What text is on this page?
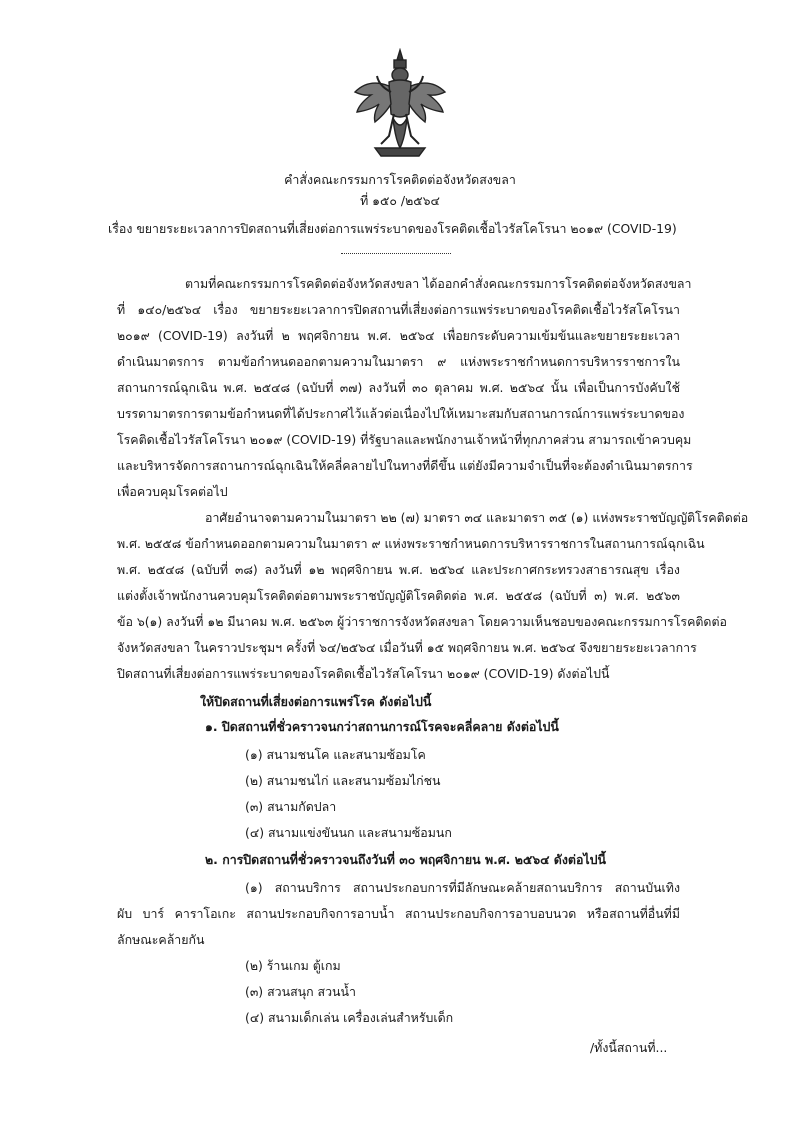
คำสั่งคณะกรรมการโรคติดต่อจังหวัดสงขลา
ที่ ๑๕๐ /๒๕๖๔
เรื่อง ขยายระยะเวลาการปิดสถานที่เสี่ยงต่อการแพร่ระบาดของโรคติดเชื้อไวรัสโคโรนา ๒๐๑๙ (COVID-19)
ตามที่คณะกรรมการโรคติดต่อจังหวัดสงขลา ได้ออกคำสั่งคณะกรรมการโรคติดต่อจังหวัดสงขลา
ที่ ๑๔๐/๒๕๖๔ เรื่อง ขยายระยะเวลาการปิดสถานที่เสี่ยงต่อการแพร่ระบาดของโรคติดเชื้อไวรัสโคโรนา
๒๐๑๙ (COVID-19) ลงวันที่ ๒ พฤศจิกายน พ.ศ. ๒๕๖๔ เพื่อยกระดับความเข้มข้นและขยายระยะเวลา
ดำเนินมาตรการ ตามข้อกำหนดออกตามความในมาตรา ๙ แห่งพระราชกำหนดการบริหารราชการใน
สถานการณ์ฉุกเฉิน พ.ศ. ๒๕๔๘ (ฉบับที่ ๓๗) ลงวันที่ ๓๐ ตุลาคม พ.ศ. ๒๕๖๔ นั้น เพื่อเป็นการบังคับใช้
บรรดามาตรการตามข้อกำหนดที่ได้ประกาศไว้แล้วต่อเนื่องไปให้เหมาะสมกับสถานการณ์การแพร่ระบาดของ
โรคติดเชื้อไวรัสโคโรนา ๒๐๑๙ (COVID-19) ที่รัฐบาลและพนักงานเจ้าหน้าที่ทุกภาคส่วน สามารถเข้าควบคุม
และบริหารจัดการสถานการณ์ฉุกเฉินให้คลี่คลายไปในทางที่ดีขึ้น แต่ยังมีความจำเป็นที่จะต้องดำเนินมาตรการ
เพื่อควบคุมโรคต่อไป
อาศัยอำนาจตามความในมาตรา ๒๒ (๗) มาตรา ๓๔ และมาตรา ๓๕ (๑) แห่งพระราชบัญญัติโรคติดต่อ
พ.ศ. ๒๕๕๘ ข้อกำหนดออกตามความในมาตรา ๙ แห่งพระราชกำหนดการบริหารราชการในสถานการณ์ฉุกเฉิน
พ.ศ. ๒๕๔๘ (ฉบับที่ ๓๘) ลงวันที่ ๑๒ พฤศจิกายน พ.ศ. ๒๕๖๔ และประกาศกระทรวงสาธารณสุข เรื่อง
แต่งตั้งเจ้าพนักงานควบคุมโรคติดต่อตามพระราชบัญญัติโรคติดต่อ พ.ศ. ๒๕๕๘ (ฉบับที่ ๓) พ.ศ. ๒๕๖๓
ข้อ ๖(๑) ลงวันที่ ๑๒ มีนาคม พ.ศ. ๒๕๖๓ ผู้ว่าราชการจังหวัดสงขลา โดยความเห็นชอบของคณะกรรมการโรคติดต่อ
จังหวัดสงขลา ในคราวประชุมฯ ครั้งที่ ๖๔/๒๕๖๔ เมื่อวันที่ ๑๕ พฤศจิกายน พ.ศ. ๒๕๖๔ จึงขยายระยะเวลาการ
ปิดสถานที่เสี่ยงต่อการแพร่ระบาดของโรคติดเชื้อไวรัสโคโรนา ๒๐๑๙ (COVID-19) ดังต่อไปนี้
ให้ปิดสถานที่เสี่ยงต่อการแพร่โรค ดังต่อไปนี้
๑. ปิดสถานที่ชั่วคราวจนกว่าสถานการณ์โรคจะคลี่คลาย ดังต่อไปนี้
(๑) สนามชนโค และสนามซ้อมโค
(๒) สนามชนไก่ และสนามซ้อมไก่ชน
(๓) สนามกัดปลา
(๔) สนามแข่งขันนก และสนามซ้อมนก
๒. การปิดสถานที่ชั่วคราวจนถึงวันที่ ๓๐ พฤศจิกายน พ.ศ. ๒๕๖๔ ดังต่อไปนี้
(๑) สถานบริการ สถานประกอบการที่มีลักษณะคล้ายสถานบริการ สถานบันเทิง
ผับ บาร์ คาราโอเกะ สถานประกอบกิจการอาบน้ำ สถานประกอบกิจการอาบอบนวด หรือสถานที่อื่นที่มี
ลักษณะคล้ายกัน
(๒) ร้านเกม ตู้เกม
(๓) สวนสนุก สวนน้ำ
(๔) สนามเด็กเล่น เครื่องเล่นสำหรับเด็ก
/ทั้งนี้สถานที่...
